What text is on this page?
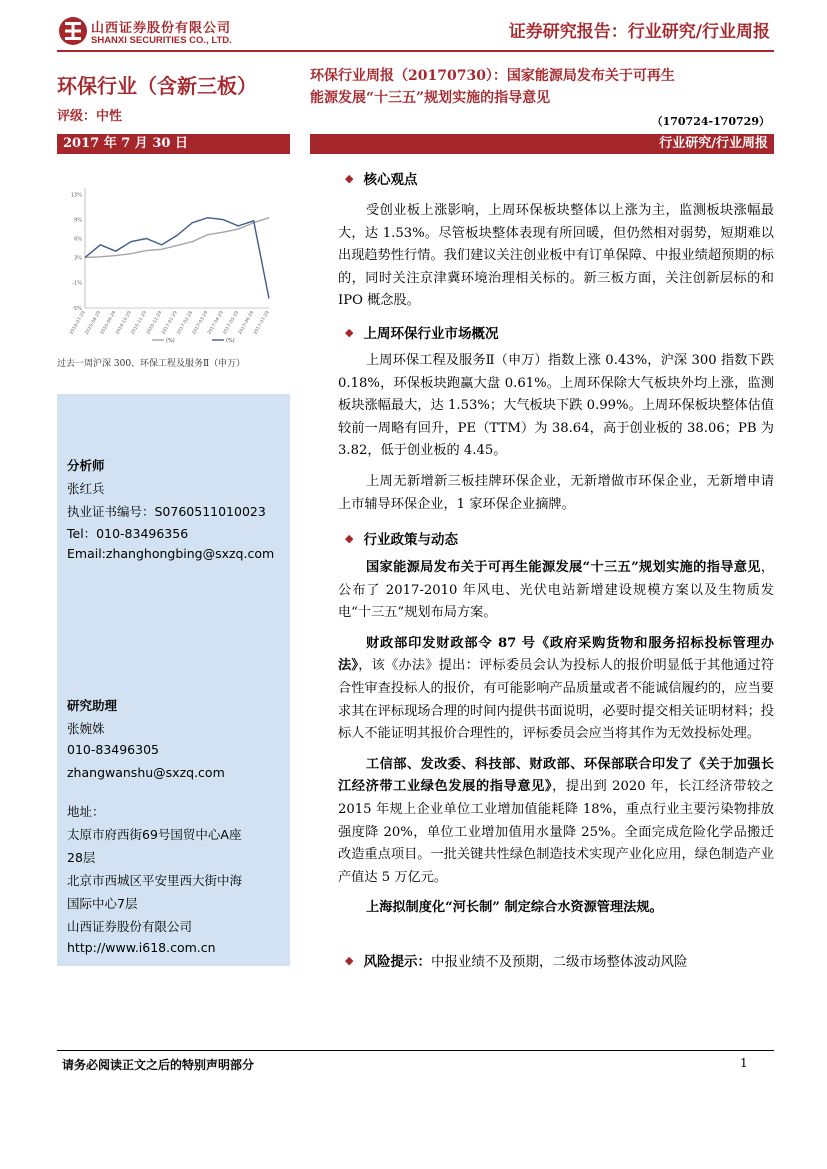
山西证券股份有限公司
SHANXI SECURITIES CO., LTD.	证券研究报告：行业研究/行业周报
环保行业（含新三板）
评级：中性
环保行业周报（20170730）：国家能源局发布关于可再生
能源发展“十三五”规划实施的指导意见
（170724-170729）
2017 年 7 月 30 日	行业研究/行业周报
-5%
-1%
3%
6%
9%
13%
2016-07-29
2016-08-29
2016-09-29
2016-10-29
2016-11-29
2016-12-29
2017-01-29
2017-02-28
2017-03-29
2017-04-29
2017-05-29
2017-06-29
2017-07-29
(%)	(%)
过去一周沪深 300、环保工程及服务Ⅱ（申万）
分析师
张红兵
执业证书编号：S0760511010023
Tel：010-83496356
Email:zhanghongbing@sxzq.com
研究助理
张婉姝
010-83496305
zhangwanshu@sxzq.com
地址：
太原市府西街69号国贸中心A座
28层
北京市西城区平安里西大街中海
国际中心7层
山西证券股份有限公司
http://www.i618.com.cn
◆ 核心观点

受创业板上涨影响，上周环保板块整体以上涨为主，监测板块涨幅最大，达 1.53%。尽管板块整体表现有所回暖，但仍然相对弱势，短期难以出现趋势性行情。我们建议关注创业板中有订单保障、中报业绩超预期的标的，同时关注京津冀环境治理相关标的。新三板方面，关注创新层标的和 IPO 概念股。

◆ 上周环保行业市场概况

上周环保工程及服务Ⅱ（申万）指数上涨 0.43%，沪深 300 指数下跌 0.18%，环保板块跑赢大盘 0.61%。上周环保除大气板块外均上涨，监测板块涨幅最大，达 1.53%；大气板块下跌 0.99%。上周环保板块整体估值较前一周略有回升，PE（TTM）为 38.64，高于创业板的 38.06；PB 为 3.82，低于创业板的 4.45。

上周无新增新三板挂牌环保企业，无新增做市环保企业，无新增申请上市辅导环保企业，1 家环保企业摘牌。

◆ 行业政策与动态

国家能源局发布关于可再生能源发展“十三五”规划实施的指导意见，公布了 2017-2010 年风电、光伏电站新增建设规模方案以及生物质发电“十三五”规划布局方案。

财政部印发财政部令 87 号《政府采购货物和服务招标投标管理办法》，该《办法》提出：评标委员会认为投标人的报价明显低于其他通过符合性审查投标人的报价，有可能影响产品质量或者不能诚信履约的，应当要求其在评标现场合理的时间内提供书面说明，必要时提交相关证明材料；投标人不能证明其报价合理性的，评标委员会应当将其作为无效投标处理。

工信部、发改委、科技部、财政部、环保部联合印发了《关于加强长江经济带工业绿色发展的指导意见》，提出到 2020 年，长江经济带较之 2015 年规上企业单位工业增加值能耗降 18%，重点行业主要污染物排放强度降 20%，单位工业增加值用水量降 25%。全面完成危险化学品搬迁改造重点项目。一批关键共性绿色制造技术实现产业化应用，绿色制造产业产值达 5 万亿元。

上海拟制度化“河长制” 制定综合水资源管理法规。

◆ 风险提示：中报业绩不及预期，二级市场整体波动风险
请务必阅读正文之后的特别声明部分	1
